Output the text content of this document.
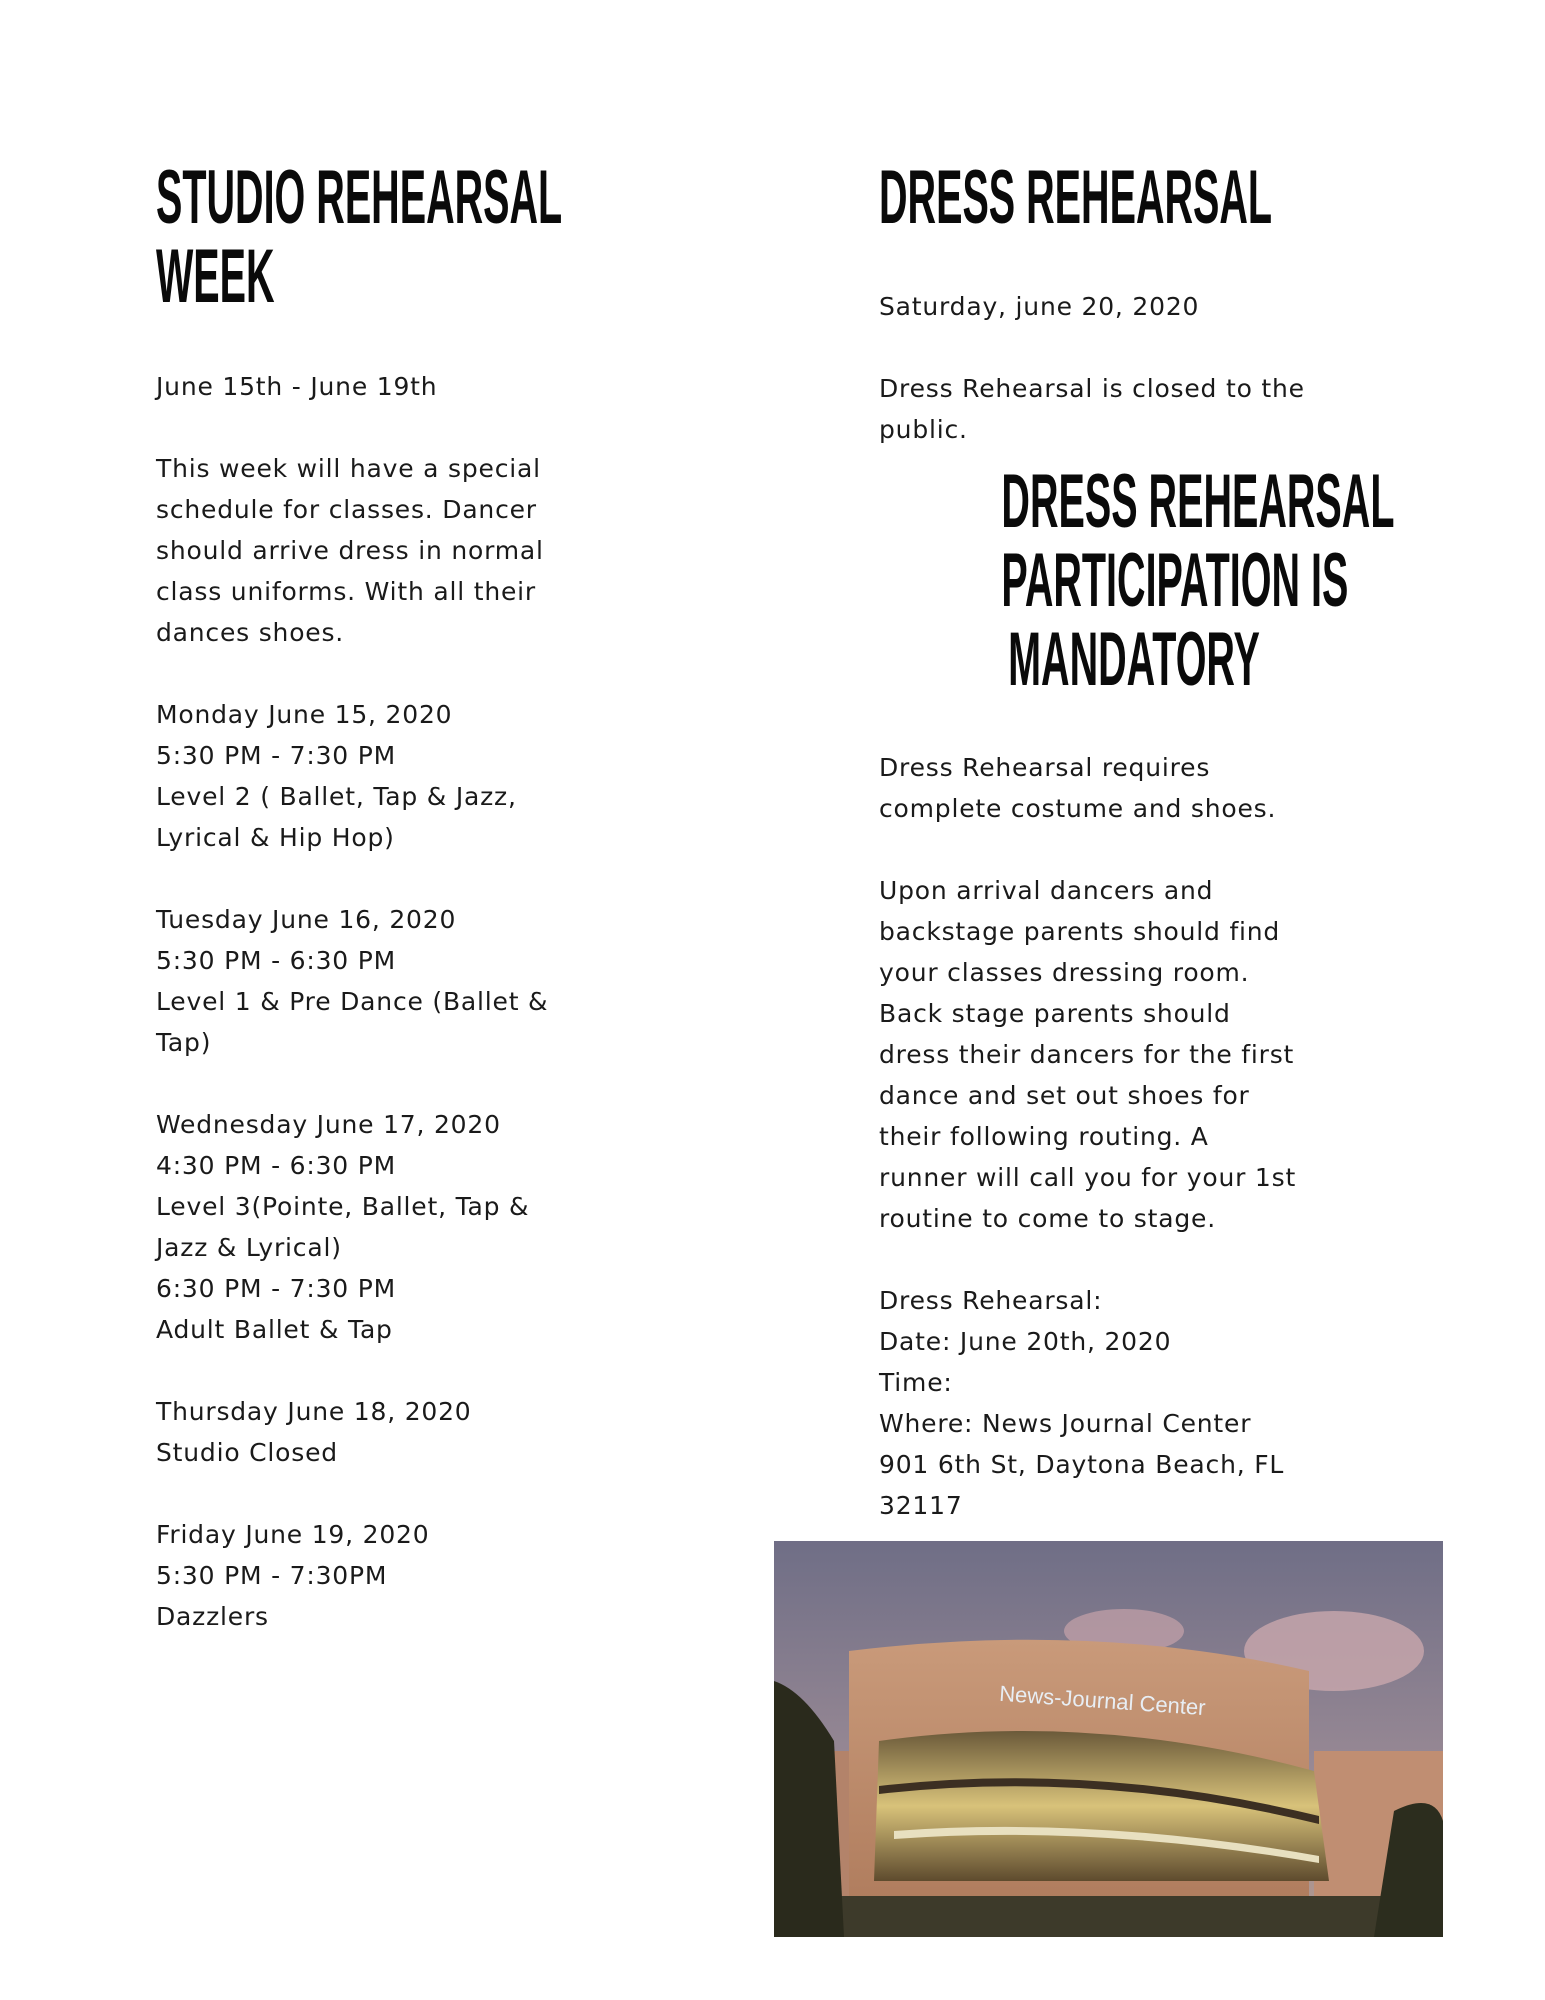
STUDIO REHEARSAL
WEEK
June 15th - June 19th
This week will have a special
schedule for classes. Dancer
should arrive dress in normal
class uniforms. With all their
dances shoes.
Monday June 15, 2020
5:30 PM - 7:30 PM
Level 2 ( Ballet, Tap & Jazz,
Lyrical & Hip Hop)
Tuesday June 16, 2020
5:30 PM - 6:30 PM
Level 1 & Pre Dance (Ballet &
Tap)
Wednesday June 17, 2020
4:30 PM - 6:30 PM
Level 3(Pointe, Ballet, Tap &
Jazz & Lyrical)
6:30 PM - 7:30 PM
Adult Ballet & Tap
Thursday June 18, 2020
Studio Closed
Friday June 19, 2020
5:30 PM - 7:30PM
Dazzlers
DRESS REHEARSAL
Saturday, june 20, 2020
Dress Rehearsal is closed to the
public.
DRESS REHEARSAL
PARTICIPATION IS
MANDATORY
Dress Rehearsal requires
complete costume and shoes.
Upon arrival dancers and
backstage parents should find
your classes dressing room.
Back stage parents should
dress their dancers for the first
dance and set out shoes for
their following routing. A
runner will call you for your 1st
routine to come to stage.
Dress Rehearsal:
Date: June 20th, 2020
Time:
Where: News Journal Center
901 6th St, Daytona Beach, FL
32117
News-Journal Center
